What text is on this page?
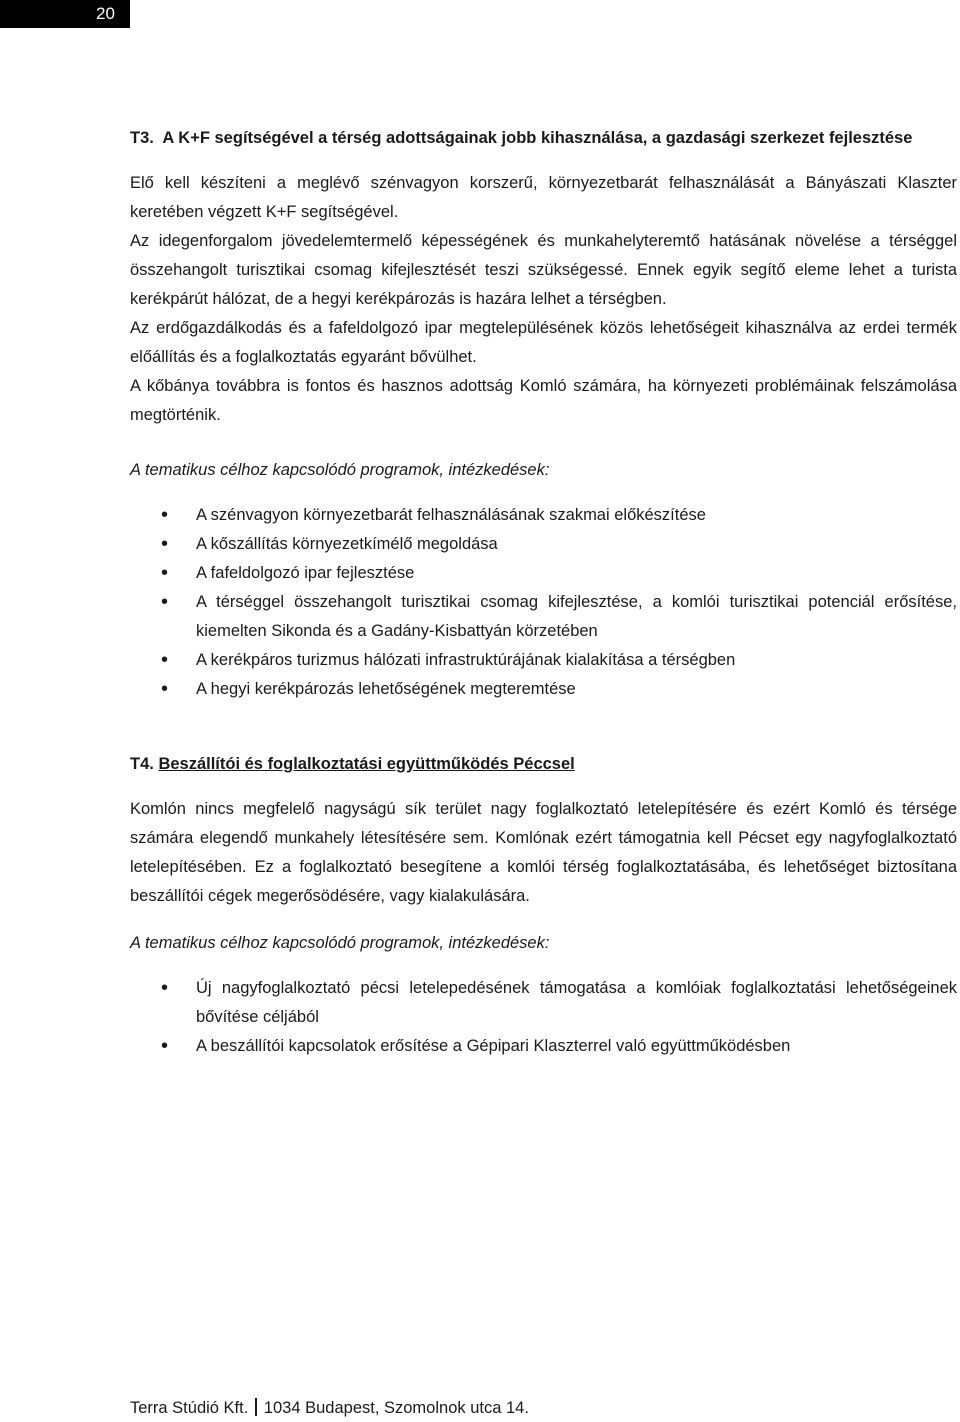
20
T3. A K+F segítségével a térség adottságainak jobb kihasználása, a gazdasági szerkezet fejlesztése

Elő kell készíteni a meglévő szénvagyon korszerű, környezetbarát felhasználását a Bányászati Klaszter keretében végzett K+F segítségével.

Az idegenforgalom jövedelemtermelő képességének és munkahelyteremtő hatásának növelése a térséggel összehangolt turisztikai csomag kifejlesztését teszi szükségessé. Ennek egyik segítő eleme lehet a turista kerékpárút hálózat, de a hegyi kerékpározás is hazára lelhet a térségben.

Az erdőgazdálkodás és a fafeldolgozó ipar megtelepülésének közös lehetőségeit kihasználva az erdei termék előállítás és a foglalkoztatás egyaránt bővülhet.

A kőbánya továbbra is fontos és hasznos adottság Komló számára, ha környezeti problémáinak felszámolása megtörténik.

A tematikus célhoz kapcsolódó programok, intézkedések:

• A szénvagyon környezetbarát felhasználásának szakmai előkészítése
• A kőszállítás környezetkímélő megoldása
• A fafeldolgozó ipar fejlesztése
• A térséggel összehangolt turisztikai csomag kifejlesztése, a komlói turisztikai potenciál erősítése, kiemelten Sikonda és a Gadány-Kisbattyán körzetében
• A kerékpáros turizmus hálózati infrastruktúrájának kialakítása a térségben
• A hegyi kerékpározás lehetőségének megteremtése
T4. Beszállítói és foglalkoztatási együttműködés Péccsel

Komlón nincs megfelelő nagyságú sík terület nagy foglalkoztató letelepítésére és ezért Komló és térsége számára elegendő munkahely létesítésére sem. Komlónak ezért támogatnia kell Pécset egy nagyfoglalkoztató letelepítésében. Ez a foglalkoztató besegítene a komlói térség foglalkoztatásába, és lehetőséget biztosítana beszállítói cégek megerősödésére, vagy kialakulására.

A tematikus célhoz kapcsolódó programok, intézkedések:

• Új nagyfoglalkoztató pécsi letelepedésének támogatása a komlóiak foglalkoztatási lehetőségeinek bővítése céljából
• A beszállítói kapcsolatok erősítése a Gépipari Klaszterrel való együttműködésben
Terra Stúdió Kft. 1034 Budapest, Szomolnok utca 14.
